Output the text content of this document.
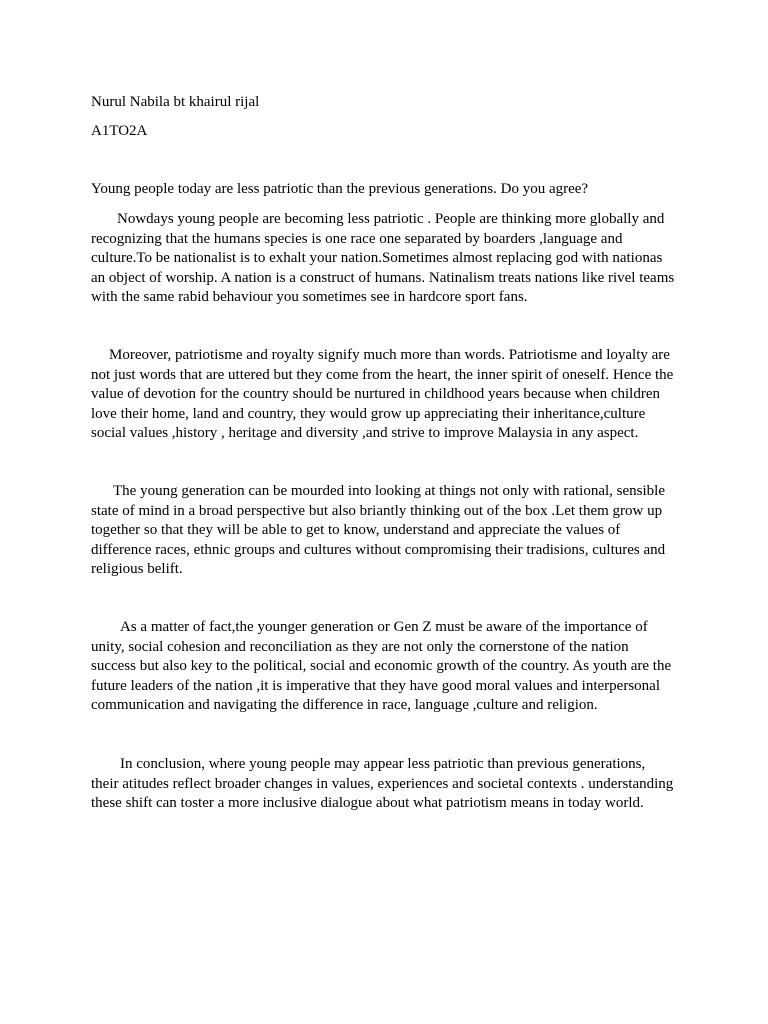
Nurul Nabila bt khairul rijal
A1TO2A
Young people today are less patriotic than the previous generations. Do you agree?
Nowdays young people are becoming less patriotic . People are thinking more globally and
recognizing that the humans species is one race one separated by boarders ,language and
culture.To be nationalist is to exhalt your nation.Sometimes almost replacing god with nationas
an object of worship. A nation is a construct of humans. Natinalism treats nations like rivel teams
with the same rabid behaviour you sometimes see in hardcore sport fans.
Moreover, patriotisme and royalty signify much more than words. Patriotisme and loyalty are
not just words that are uttered but they come from the heart, the inner spirit of oneself. Hence the
value of devotion for the country should be nurtured in childhood years because when children
love their home, land and country, they would grow up appreciating their inheritance,culture
social values ,history , heritage and diversity ,and strive to improve Malaysia in any aspect.
The young generation can be mourded into looking at things not only with rational, sensible
state of mind in a broad perspective but also briantly thinking out of the box .Let them grow up
together so that they will be able to get to know, understand and appreciate the values of
difference races, ethnic groups and cultures without compromising their tradisions, cultures and
religious belift.
As a matter of fact,the younger generation or Gen Z must be aware of the importance of
unity, social cohesion and reconciliation as they are not only the cornerstone of the nation
success but also key to the political, social and economic growth of the country. As youth are the
future leaders of the nation ,it is imperative that they have good moral values and interpersonal
communication and navigating the difference in race, language ,culture and religion.
In conclusion, where young people may appear less patriotic than previous generations,
their atitudes reflect broader changes in values, experiences and societal contexts . understanding
these shift can toster a more inclusive dialogue about what patriotism means in today world.
